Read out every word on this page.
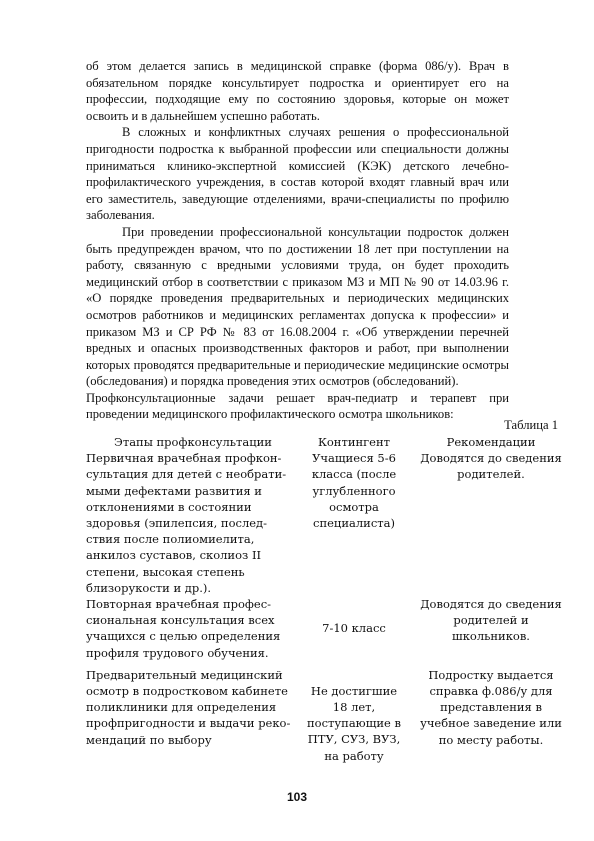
об этом делается запись в медицинской справке (форма 086/у). Врач в обязательном порядке консультирует подростка и ориентирует его на профессии, подходящие ему по состоянию здоровья, которые он может освоить и в дальнейшем успешно работать.

В сложных и конфликтных случаях решения о профессиональной пригодности подростка к выбранной профессии или специальности должны приниматься клинико-экспертной комиссией (КЭК) детского лечебно-профилактического учреждения, в состав которой входят главный врач или его заместитель, заведующие отделениями, врачи-специалисты по профилю заболевания.

При проведении профессиональной консультации подросток должен быть предупрежден врачом, что по достижении 18 лет при поступлении на работу, связанную с вредными условиями труда, он будет проходить медицинский отбор в соответствии с приказом МЗ и МП № 90 от 14.03.96 г. «О порядке проведения предварительных и периодических медицинских осмотров работников и медицинских регламентах допуска к профессии» и приказом МЗ и СР РФ № 83 от 16.08.2004 г. «Об утверждении перечней вредных и опасных производственных факторов и работ, при выполнении которых проводятся предварительные и периодические медицинские осмотры (обследования) и порядка проведения этих осмотров (обследований).

Профконсультационные задачи решает врач-педиатр и терапевт при проведении медицинского профилактического осмотра школьников:

Таблица 1
Этапы профконсультации	Контингент	Рекомендации
Первичная врачебная профкон-сультация для детей с необрати-мыми дефектами развития и отклонениями в состоянии здоровья (эпилепсия, послед-ствия после полиомиелита, анкилоз суставов, сколиоз II степени, высокая степень близорукости и др.).	Учащиеся 5-6 класса (после углубленного осмотра специалиста)	Доводятся до сведения родителей.
Повторная врачебная профес-сиональная консультация всех учащихся с целью определения профиля трудового обучения.	7-10 класс	Доводятся до сведения родителей и школьников.
Предварительный медицинский осмотр в подростковом кабинете поликлиники для определения профпригодности и выдачи реко-мендаций по выбору	Не достигшие 18 лет, поступающие в ПТУ, СУЗ, ВУЗ, на работу	Подростку выдается справка ф.086/у для представления в учебное заведение или по месту работы.
103
